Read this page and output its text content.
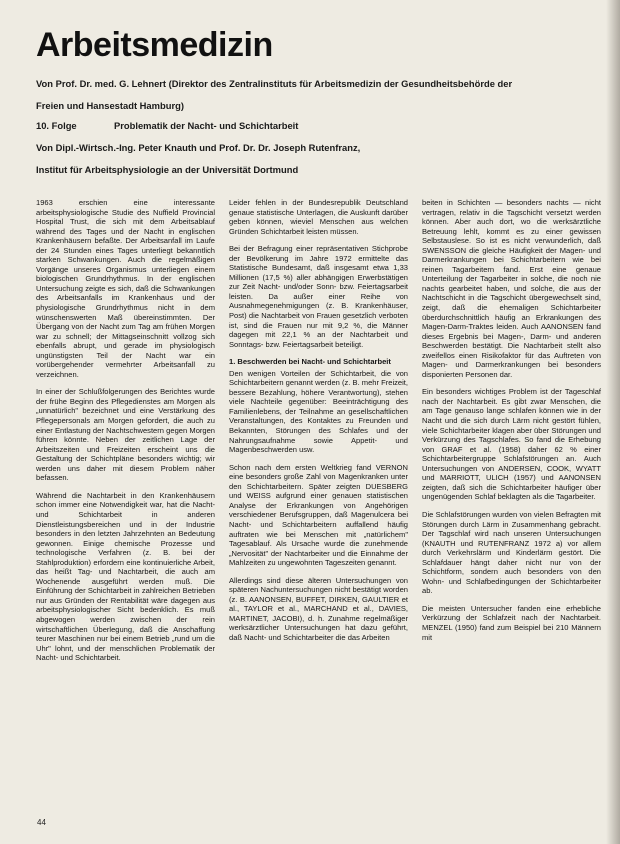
Arbeitsmedizin

Von Prof. Dr. med. G. Lehnert (Direktor des Zentralinstituts für Arbeitsmedizin der Gesundheitsbehörde der

Freien und Hansestadt Hamburg)

10. Folge	Problematik der Nacht- und Schichtarbeit

Von Dipl.-Wirtsch.-Ing. Peter Knauth und Prof. Dr. Dr. Joseph Rutenfranz,

Institut für Arbeitsphysiologie an der Universität Dortmund

1963 erschien eine interessante arbeitsphysiologische Studie des Nuffield Provincial Hospital Trust, die sich mit dem Arbeitsablauf während des Tages und der Nacht in englischen Krankenhäusern befaßte. Der Arbeitsanfall im Laufe der 24 Stunden eines Tages unterliegt bekanntlich starken Schwankungen. Auch die regelmäßigen Vorgänge unseres Organismus unterliegen einem biologischen Grundrhythmus. In der englischen Untersuchung zeigte es sich, daß die Schwankungen des Arbeitsanfalls im Krankenhaus und der physiologische Grundrhythmus nicht in dem wünschenswerten Maß übereinstimmten. Der Übergang von der Nacht zum Tag am frühen Morgen war zu schnell; der Mittagseinschnitt vollzog sich ebenfalls abrupt, und gerade im physiologisch ungünstigsten Teil der Nacht war ein vorübergehender vermehrter Arbeitsanfall zu verzeichnen.

In einer der Schlußfolgerungen des Berichtes wurde der frühe Beginn des Pflegedienstes am Morgen als „unnatürlich" bezeichnet und eine Verstärkung des Pflegepersonals am Morgen gefordert, die auch zu einer Entlastung der Nachtschwestern gegen Morgen führen könnte. Neben der zeitlichen Lage der Arbeitszeiten und Freizeiten erscheint uns die Gestaltung der Schichtpläne besonders wichtig; wir werden uns daher mit diesem Problem näher befassen.

Während die Nachtarbeit in den Krankenhäusern schon immer eine Notwendigkeit war, hat die Nacht- und Schichtarbeit in anderen Dienstleistungsbereichen und in der Industrie besonders in den letzten Jahrzehnten an Bedeutung gewonnen. Einige chemische Prozesse und technologische Verfahren (z. B. bei der Stahlproduktion) erfordern eine kontinuierliche Arbeit, das heißt Tag- und Nachtarbeit, die auch am Wochenende ausgeführt werden muß. Die Einführung der Schichtarbeit in zahlreichen Betrieben nur aus Gründen der Rentabilität wäre dagegen aus arbeitsphysiologischer Sicht bedenklich. Es muß abgewogen werden zwischen der rein wirtschaftlichen Überlegung, daß die Anschaffung teurer Maschinen nur bei einem Betrieb „rund um die Uhr" lohnt, und der menschlichen Problematik der Nacht- und Schichtarbeit.

Leider fehlen in der Bundesrepublik Deutschland genaue statistische Unterlagen, die Auskunft darüber geben können, wieviel Menschen aus welchen Gründen Schichtarbeit leisten müssen.

Bei der Befragung einer repräsentativen Stichprobe der Bevölkerung im Jahre 1972 ermittelte das Statistische Bundesamt, daß insgesamt etwa 1,33 Millionen (17,5 %) aller abhängigen Erwerbstätigen zur Zeit Nacht- und/oder Sonn- bzw. Feiertagsarbeit leisten. Da außer einer Reihe von Ausnahmegenehmigungen (z. B. Krankenhäuser, Post) die Nachtarbeit von Frauen gesetzlich verboten ist, sind die Frauen nur mit 9,2 %, die Männer dagegen mit 22,1 % an der Nachtarbeit und Sonntags- bzw. Feiertagsarbeit beteiligt.

1. Beschwerden bei Nacht- und Schichtarbeit

Den wenigen Vorteilen der Schichtarbeit, die von Schichtarbeitern genannt werden (z. B. mehr Freizeit, bessere Bezahlung, höhere Verantwortung), stehen viele Nachteile gegenüber: Beeinträchtigung des Familienlebens, der Teilnahme an gesellschaftlichen Veranstaltungen, des Kontaktes zu Freunden und Bekannten, Störungen des Schlafes und der Nahrungsaufnahme sowie Appetit- und Magenbeschwerden usw.

Schon nach dem ersten Weltkrieg fand VERNON eine besonders große Zahl von Magenkranken unter den Schichtarbeitern. Später zeigten DUESBERG und WEISS aufgrund einer genauen statistischen Analyse der Erkrankungen von Angehörigen verschiedener Berufsgruppen, daß Magenulcera bei Nacht- und Schichtarbeitern auffallend häufig auftraten wie bei Menschen mit „natürlichem" Tagesablauf. Als Ursache wurde die zunehmende „Nervosität" der Nachtarbeiter und die Einnahme der Mahlzeiten zu ungewohnten Tageszeiten genannt.

Allerdings sind diese älteren Untersuchungen von späteren Nachuntersuchungen nicht bestätigt worden (z. B. AANONSEN, BUFFET, DIRKEN, GAULTIER et al., TAYLOR et al., MARCHAND et al., DAVIES, MARTINET, JACOBI), d. h. Zunahme regelmäßiger werksärztlicher Untersuchungen hat dazu geführt, daß Nacht- und Schichtarbeiter die das Arbeiten

beiten in Schichten — besonders nachts — nicht vertragen, relativ in die Tagschicht versetzt werden können. Aber auch dort, wo die werksärztliche Betreuung lehlt, kommt es zu einer gewissen Selbstauslese. So ist es nicht verwunderlich, daß SWENSSON die gleiche Häufigkeit der Magen- und Darmerkrankungen bei Schichtarbeitern wie bei reinen Tagarbeitern fand. Erst eine genaue Unterteilung der Tagarbeiter in solche, die noch nie nachts gearbeitet haben, und solche, die aus der Nachtschicht in die Tagschicht übergewechselt sind, zeigt, daß die ehemaligen Schichtarbeiter überdurchschnittlich häufig an Erkrankungen des Magen-Darm-Traktes leiden. Auch AANONSEN fand dieses Ergebnis bei Magen-, Darm- und anderen Beschwerden bestätigt. Die Nachtarbeit stellt also zweifellos einen Risikofaktor für das Auftreten von Magen- und Darmerkrankungen bei besonders disponierten Personen dar.

Ein besonders wichtiges Problem ist der Tageschlaf nach der Nachtarbeit. Es gibt zwar Menschen, die am Tage genauso lange schlafen können wie in der Nacht und die sich durch Lärm nicht gestört fühlen, viele Schichtarbeiter klagen aber über Störungen und Verkürzung des Tagschlafes. So fand die Erhebung von GRAF et al. (1958) daher 62 % einer Schichtarbeitergruppe Schlafstörungen an. Auch Untersuchungen von ANDERSEN, COOK, WYATT und MARRIOTT, ULICH (1957) und AANONSEN zeigten, daß sich die Schichtarbeiter häufiger über ungenügenden Schlaf beklagten als die Tagarbeiter.

Die Schlafstörungen wurden von vielen Befragten mit Störungen durch Lärm in Zusammenhang gebracht. Der Tagschlaf wird nach unseren Untersuchungen (KNAUTH und RUTENFRANZ 1972 a) vor allem durch Verkehrslärm und Kinderlärm gestört. Die Schlafdauer hängt daher nicht nur von der Schichtform, sondern auch besonders von den Wohn- und Schlafbedingungen der Schichtarbeiter ab.

Die meisten Untersucher fanden eine erhebliche Verkürzung der Schlafzeit nach der Nachtarbeit. MENZEL (1950) fand zum Beispiel bei 210 Männern mit

44
